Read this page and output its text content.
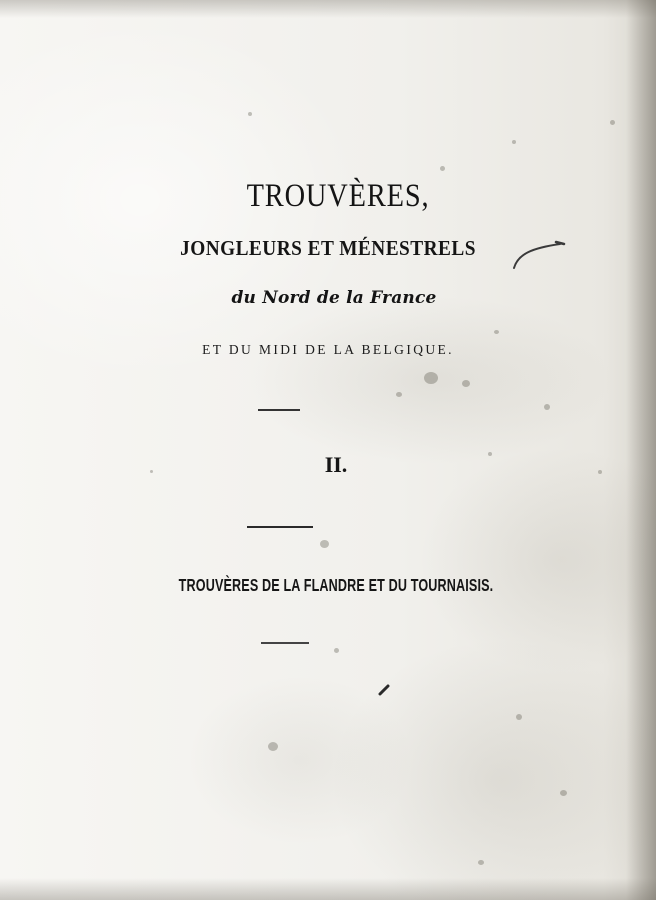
TROUVÈRES,
JONGLEURS ET MÉNESTRELS

du Nord de la France

ET DU MIDI DE LA BELGIQUE.

II.

TROUVÈRES DE LA FLANDRE ET DU TOURNAISIS.
